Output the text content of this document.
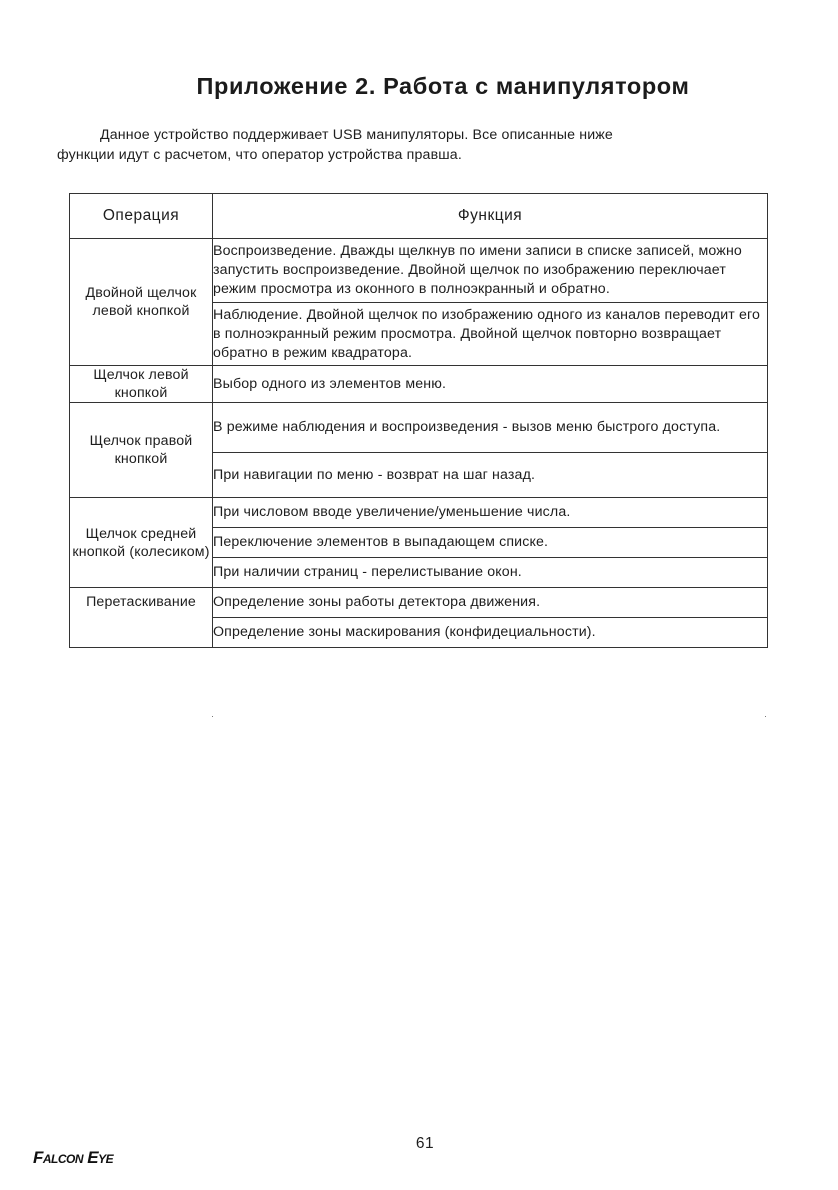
Приложение 2. Работа с манипулятором

Данное устройство поддерживает USB манипуляторы. Все описанные ниже

функции идут с расчетом, что оператор устройства правша.

Операция	Функция
Двойной щелчок левой кнопкой	Воспроизведение. Дважды щелкнув по имени записи в списке записей, можно запустить воспроизведение. Двойной щелчок по изображению переключает режим просмотра из оконного в полноэкранный и обратно.
	Наблюдение. Двойной щелчок по изображению одного из каналов переводит его в полноэкранный режим просмотра. Двойной щелчок повторно возвращает обратно в режим квадратора.
Щелчок левой кнопкой	Выбор одного из элементов меню.
Щелчок правой кнопкой	В режиме наблюдения и воспроизведения - вызов меню быстрого доступа.
	При навигации по меню - возврат на шаг назад.
Щелчок средней кнопкой (колесиком)	При числовом вводе увеличение/уменьшение числа.
	Переключение элементов в выпадающем списке.
	При наличии страниц - перелистывание окон.
Перетаскивание	Определение зоны работы детектора движения.
	Определение зоны маскирования (конфидециальности).
61
Falcon Eye
